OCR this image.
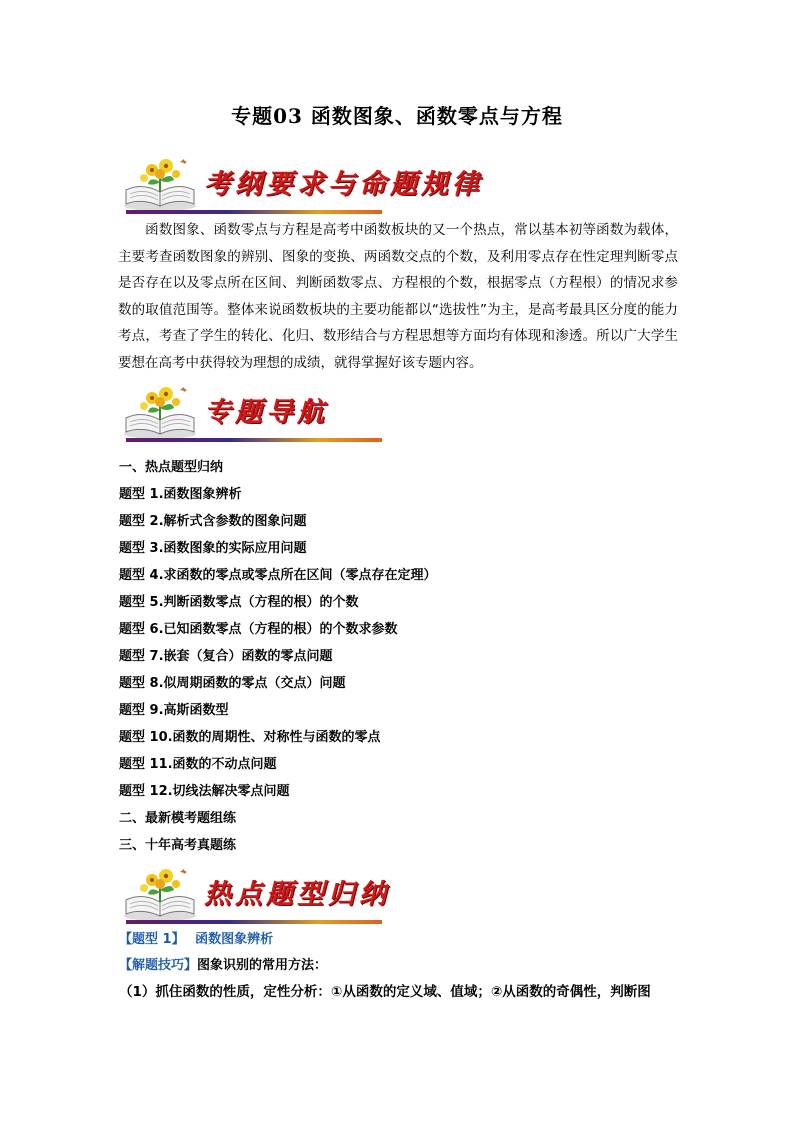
专题03 函数图象、函数零点与方程
考纲要求与命题规律
函数图象、函数零点与方程是高考中函数板块的又一个热点，常以基本初等函数为载体，主要考查函数图象的辨别、图象的变换、两函数交点的个数，及利用零点存在性定理判断零点是否存在以及零点所在区间、判断函数零点、方程根的个数，根据零点（方程根）的情况求参数的取值范围等。整体来说函数板块的主要功能都以“选拔性”为主，是高考最具区分度的能力考点，考查了学生的转化、化归、数形结合与方程思想等方面均有体现和渗透。所以广大学生要想在高考中获得较为理想的成绩，就得掌握好该专题内容。
专题导航
一、热点题型归纳
题型 1.函数图象辨析
题型 2.解析式含参数的图象问题
题型 3.函数图象的实际应用问题
题型 4.求函数的零点或零点所在区间（零点存在定理）
题型 5.判断函数零点（方程的根）的个数
题型 6.已知函数零点（方程的根）的个数求参数
题型 7.嵌套（复合）函数的零点问题
题型 8.似周期函数的零点（交点）问题
题型 9.高斯函数型
题型 10.函数的周期性、对称性与函数的零点
题型 11.函数的不动点问题
题型 12.切线法解决零点问题
二、最新模考题组练
三、十年高考真题练
热点题型归纳
【题型 1】 函数图象辨析
【解题技巧】图象识别的常用方法：
（1）抓住函数的性质，定性分析：①从函数的定义域、值域；②从函数的奇偶性，判断图
